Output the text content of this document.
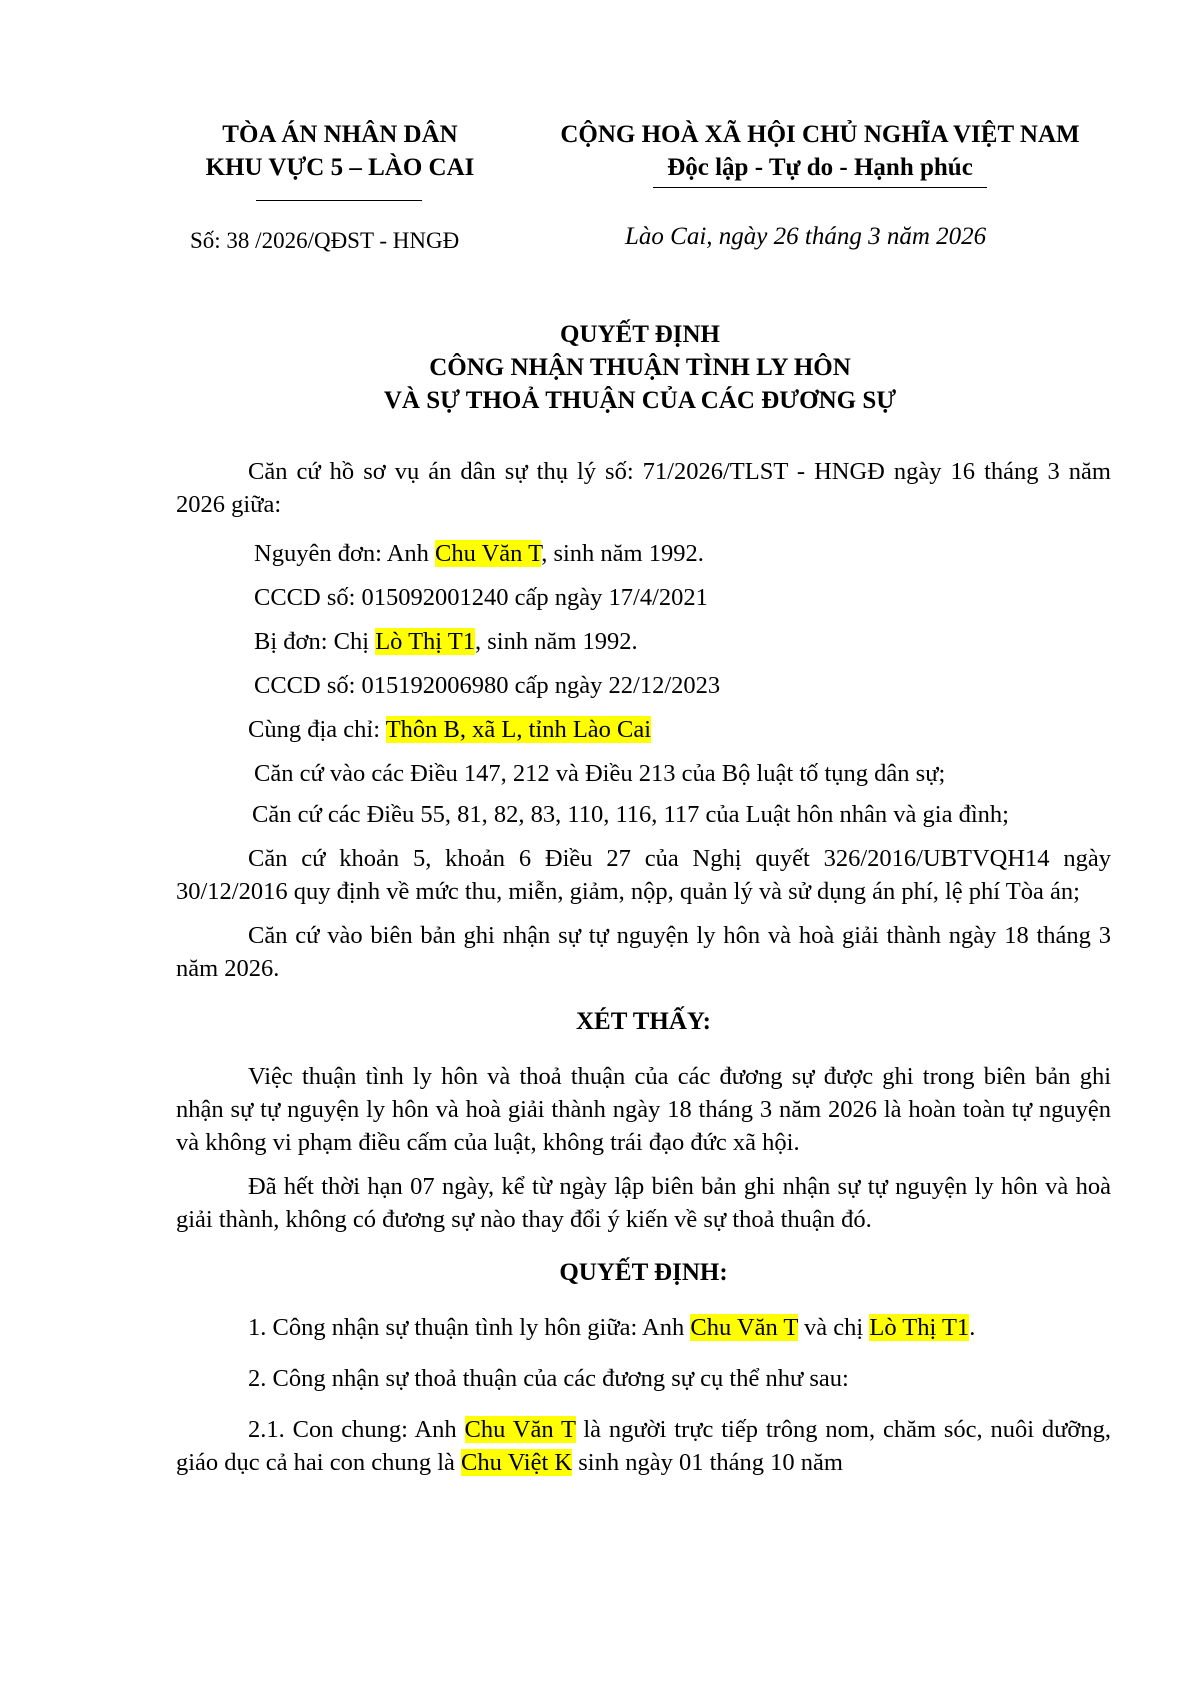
TÒA ÁN NHÂN DÂN
KHU VỰC 5 – LÀO CAI
CỘNG HOÀ XÃ HỘI CHỦ NGHĨA VIỆT NAM
Độc lập - Tự do - Hạnh phúc
Số: 38 /2026/QĐST - HNGĐ	Lào Cai, ngày 26 tháng 3 năm 2026
QUYẾT ĐỊNH
CÔNG NHẬN THUẬN TÌNH LY HÔN
VÀ SỰ THOẢ THUẬN CỦA CÁC ĐƯƠNG SỰ

Căn cứ hồ sơ vụ án dân sự thụ lý số: 71/2026/TLST - HNGĐ ngày 16 tháng 3 năm 2026 giữa:

Nguyên đơn: Anh Chu Văn T, sinh năm 1992.

CCCD số: 015092001240 cấp ngày 17/4/2021

Bị đơn: Chị Lò Thị T1, sinh năm 1992.

CCCD số: 015192006980 cấp ngày 22/12/2023

Cùng địa chỉ: Thôn B, xã L, tỉnh Lào Cai

Căn cứ vào các Điều 147, 212 và Điều 213 của Bộ luật tố tụng dân sự;

Căn cứ các Điều 55, 81, 82, 83, 110, 116, 117 của Luật hôn nhân và gia đình;

Căn cứ khoản 5, khoản 6 Điều 27 của Nghị quyết 326/2016/UBTVQH14 ngày 30/12/2016 quy định về mức thu, miễn, giảm, nộp, quản lý và sử dụng án phí, lệ phí Tòa án;

Căn cứ vào biên bản ghi nhận sự tự nguyện ly hôn và hoà giải thành ngày 18 tháng 3 năm 2026.

XÉT THẤY:

Việc thuận tình ly hôn và thoả thuận của các đương sự được ghi trong biên bản ghi nhận sự tự nguyện ly hôn và hoà giải thành ngày 18 tháng 3 năm 2026 là hoàn toàn tự nguyện và không vi phạm điều cấm của luật, không trái đạo đức xã hội.

Đã hết thời hạn 07 ngày, kể từ ngày lập biên bản ghi nhận sự tự nguyện ly hôn và hoà giải thành, không có đương sự nào thay đổi ý kiến về sự thoả thuận đó.

QUYẾT ĐỊNH:

1. Công nhận sự thuận tình ly hôn giữa: Anh Chu Văn T và chị Lò Thị T1.

2. Công nhận sự thoả thuận của các đương sự cụ thể như sau:

2.1. Con chung: Anh Chu Văn T là người trực tiếp trông nom, chăm sóc, nuôi dưỡng, giáo dục cả hai con chung là Chu Việt K sinh ngày 01 tháng 10 năm
